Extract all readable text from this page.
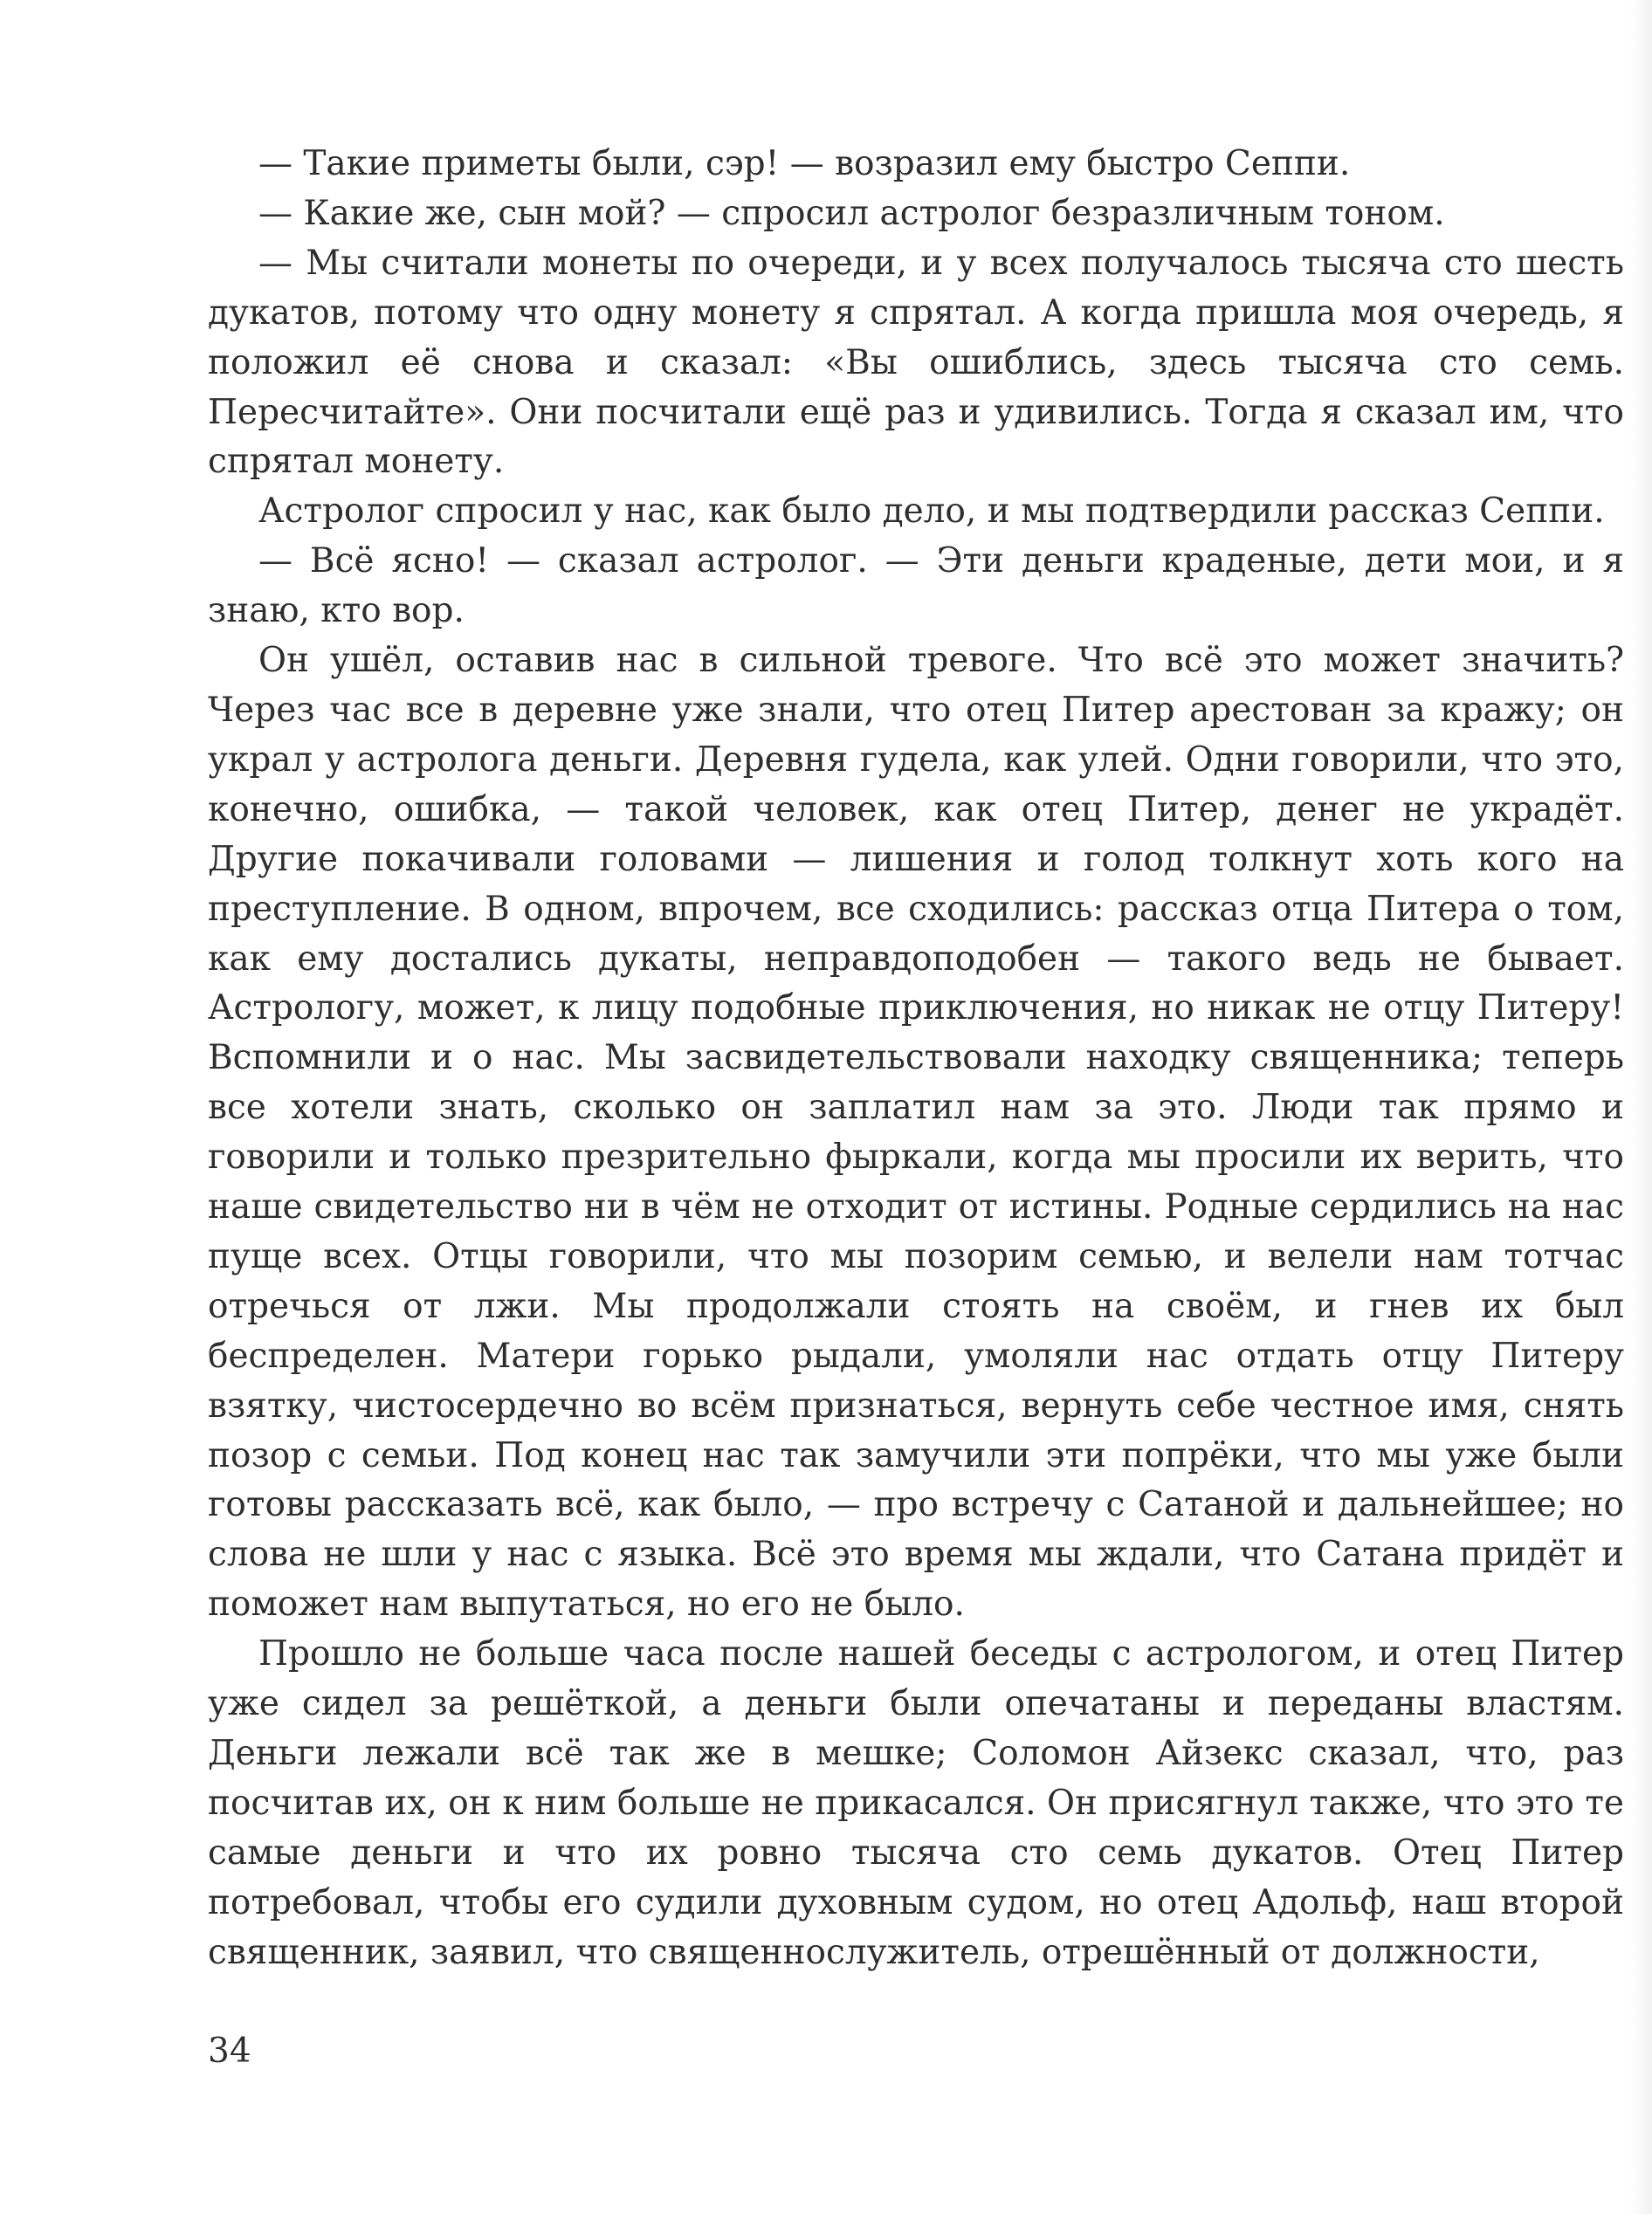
— Такие приметы были, сэр! — возразил ему быстро Сеппи.

— Какие же, сын мой? — спросил астролог безразличным тоном.

— Мы считали монеты по очереди, и у всех получалось тысяча сто шесть дукатов, потому что одну монету я спрятал. А когда пришла моя очередь, я положил её снова и сказал: «Вы ошиблись, здесь тысяча сто семь. Пересчитайте». Они посчитали ещё раз и удивились. Тогда я сказал им, что спрятал монету.

Астролог спросил у нас, как было дело, и мы подтвердили рассказ Сеппи.

— Всё ясно! — сказал астролог. — Эти деньги краденые, дети мои, и я знаю, кто вор.

Он ушёл, оставив нас в сильной тревоге. Что всё это может значить? Через час все в деревне уже знали, что отец Питер арестован за кражу; он украл у астролога деньги. Деревня гудела, как улей. Одни говорили, что это, конечно, ошибка, — такой человек, как отец Питер, денег не украдёт. Другие покачивали головами — лишения и голод толкнут хоть кого на преступление. В одном, впрочем, все сходились: рассказ отца Питера о том, как ему достались дукаты, неправдоподобен — такого ведь не бывает. Астрологу, может, к лицу подобные приключения, но никак не отцу Питеру! Вспомнили и о нас. Мы засвидетельствовали находку священника; теперь все хотели знать, сколько он заплатил нам за это. Люди так прямо и говорили и только презрительно фыркали, когда мы просили их верить, что наше свидетельство ни в чём не отходит от истины. Родные сердились на нас пуще всех. Отцы говорили, что мы позорим семью, и велели нам тотчас отречься от лжи. Мы продолжали стоять на своём, и гнев их был беспределен. Матери горько рыдали, умоляли нас отдать отцу Питеру взятку, чистосердечно во всём признаться, вернуть себе честное имя, снять позор с семьи. Под конец нас так замучили эти попрёки, что мы уже были готовы рассказать всё, как было, — про встречу с Сатаной и дальнейшее; но слова не шли у нас с языка. Всё это время мы ждали, что Сатана придёт и поможет нам выпутаться, но его не было.

Прошло не больше часа после нашей беседы с астрологом, и отец Питер уже сидел за решёткой, а деньги были опечатаны и переданы властям. Деньги лежали всё так же в мешке; Соломон Айзекс сказал, что, раз посчитав их, он к ним больше не прикасался. Он присягнул также, что это те самые деньги и что их ровно тысяча сто семь дукатов. Отец Питер потребовал, чтобы его судили духовным судом, но отец Адольф, наш второй священник, заявил, что священнослужитель, отрешённый от должности,

34
